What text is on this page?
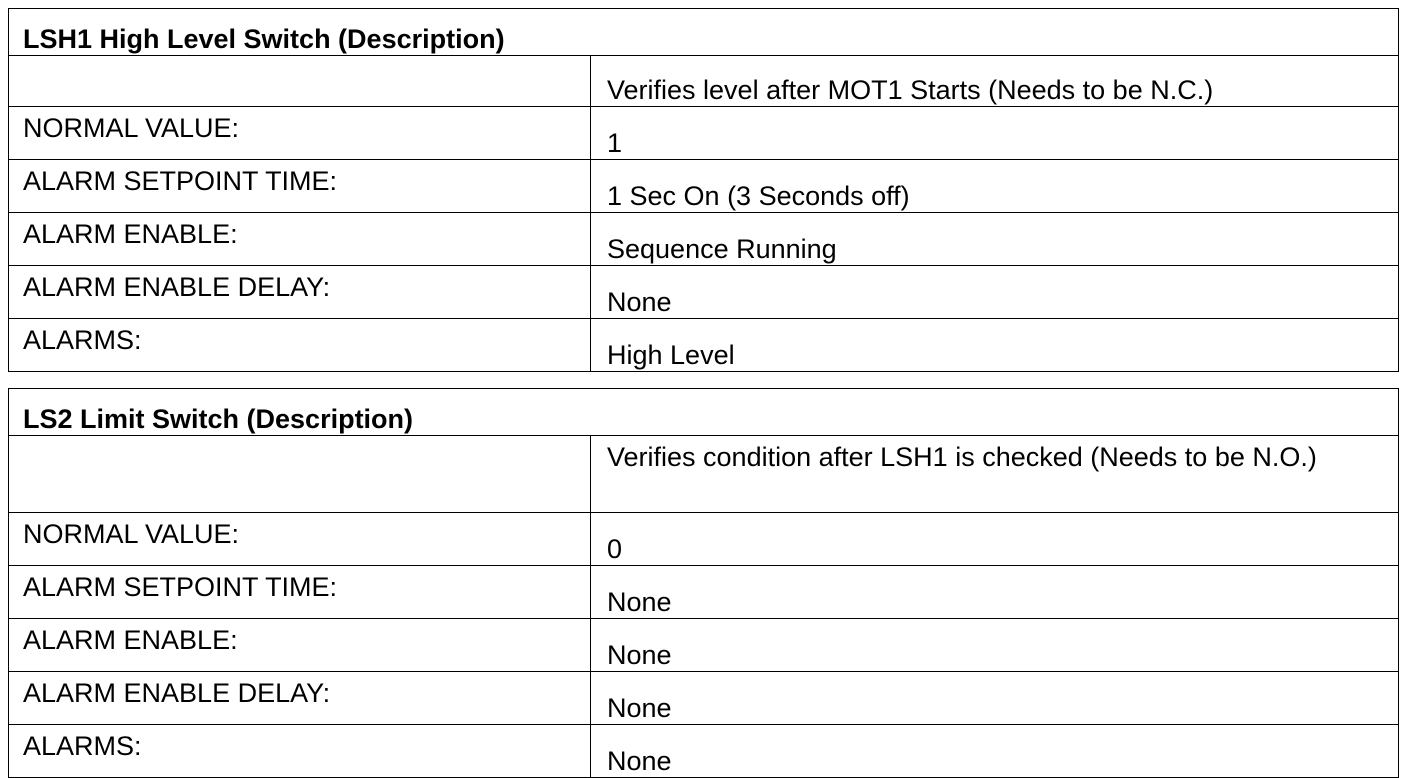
LSH1 High Level Switch (Description)	
	Verifies level after MOT1 Starts (Needs to be N.C.)
NORMAL VALUE:	1
ALARM SETPOINT TIME:	1 Sec On (3 Seconds off)
ALARM ENABLE:	Sequence Running
ALARM ENABLE DELAY:	None
ALARMS:	High Level
LS2 Limit Switch (Description)	
	Verifies condition after LSH1 is checked (Needs to be N.O.)
NORMAL VALUE:	0
ALARM SETPOINT TIME:	None
ALARM ENABLE:	None
ALARM ENABLE DELAY:	None
ALARMS:	None
